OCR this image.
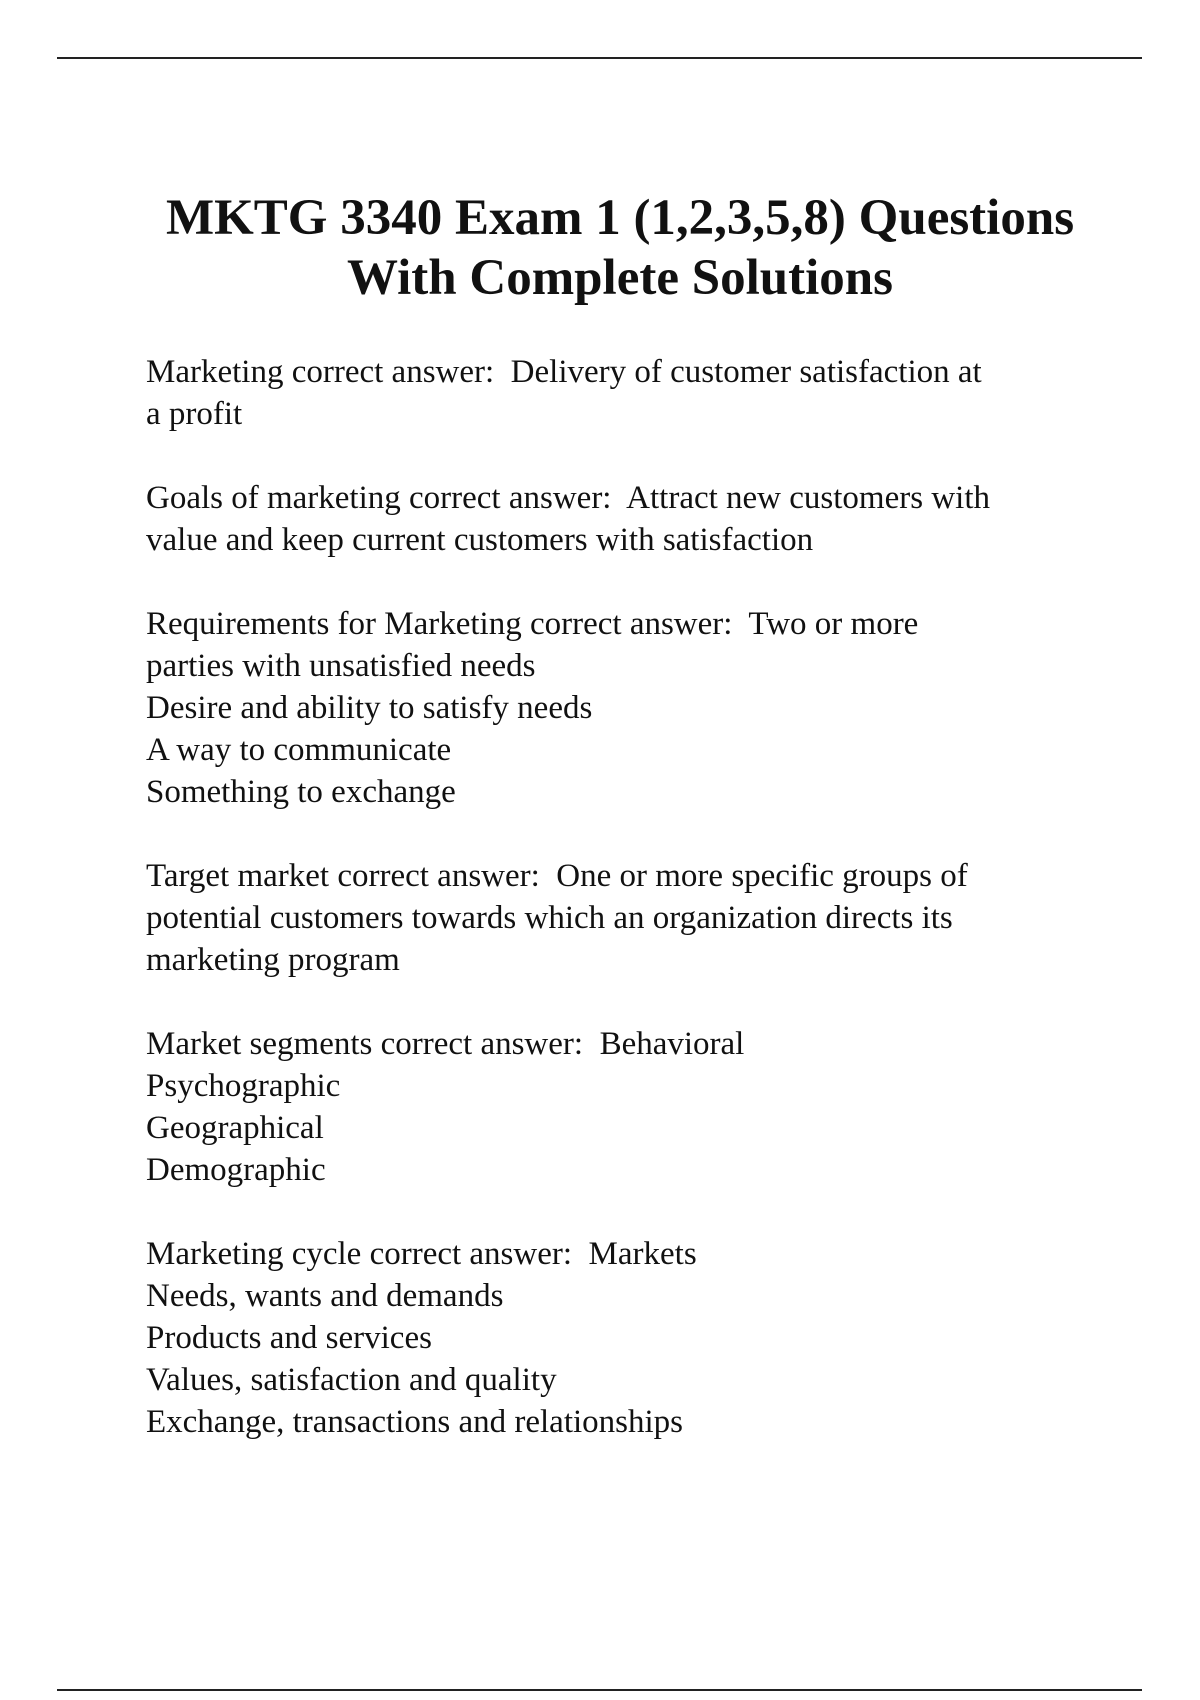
MKTG 3340 Exam 1 (1,2,3,5,8) Questions
With Complete Solutions

Marketing correct answer:  Delivery of customer satisfaction at
a profit

Goals of marketing correct answer:  Attract new customers with
value and keep current customers with satisfaction

Requirements for Marketing correct answer:  Two or more
parties with unsatisfied needs
Desire and ability to satisfy needs
A way to communicate
Something to exchange

Target market correct answer:  One or more specific groups of
potential customers towards which an organization directs its
marketing program

Market segments correct answer:  Behavioral
Psychographic
Geographical
Demographic

Marketing cycle correct answer:  Markets
Needs, wants and demands
Products and services
Values, satisfaction and quality
Exchange, transactions and relationships
